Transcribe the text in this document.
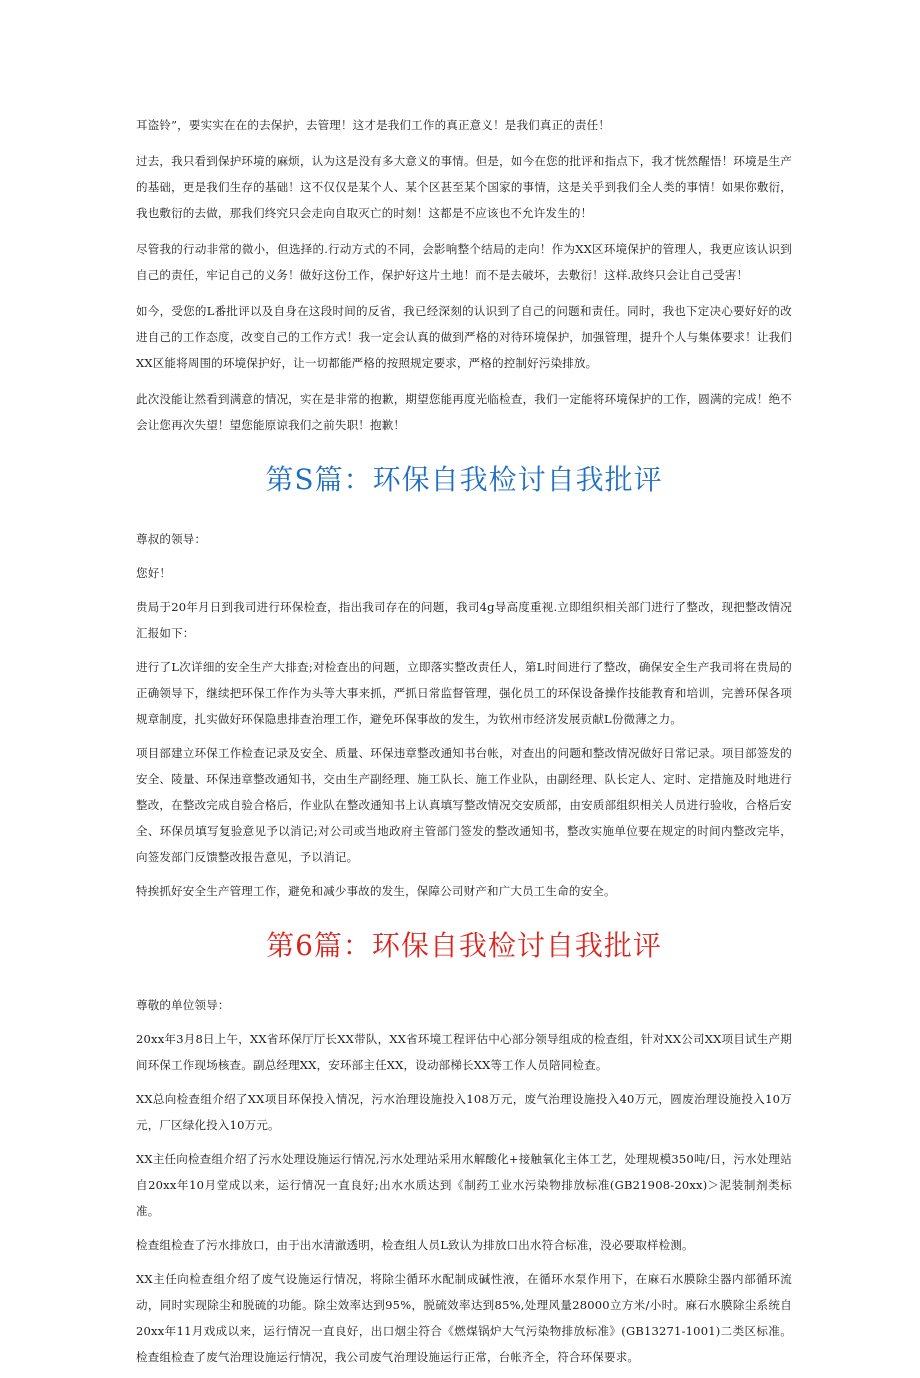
耳盗铃”，要实实在在的去保护，去管理！这才是我们工作的真正意义！是我们真正的责任！

过去，我只看到保护环境的麻烦，认为这是没有多大意义的事情。但是，如今在您的批评和指点下，我才恍然醒悟！环境是生产的基础，更是我们生存的基础！这不仅仅是某个人、某个区甚至某个国家的事情，这是关乎到我们全人类的事情！如果你敷衍，我也敷衍的去做，那我们终究只会走向自取灭亡的时刻！这都是不应该也不允许发生的！

尽管我的行动非常的微小，但选择的.行动方式的不同，会影响整个结局的走向！作为XX区环境保护的管理人，我更应该认识到自己的责任，牢记自己的义务！做好这份工作，保护好这片土地！而不是去破坏，去敷衍！这样.敌终只会让自己受害！

如今，受您的L番批评以及自身在这段时间的反省，我已经深刻的认识到了自己的问题和责任。同时，我也下定决心要好好的改进自己的工作态度，改变自己的工作方式！我一定会认真的做到严格的对待环境保护，加强管理，提升个人与集体要求！让我们XX区能将周围的环境保护好，让一切都能严格的按照规定要求，严格的控制好污染排放。

此次没能让然看到满意的情况，实在是非常的抱歉，期望您能再度光临检查，我们一定能将环境保护的工作，圆满的完成！绝不会让您再次失望！望您能原谅我们之前失职！抱歉！

第S篇：环保自我检讨自我批评

尊叔的领导：

您好！

贵局于20年月日到我司进行环保检查，指出我司存在的问题，我司4g导高度重视.立即组织相关部门进行了整改，现把整改情况汇报如下：

进行了L次详细的安全生产大排查;对检查出的问题，立即落实整改责任人，第L时间进行了整改，确保安全生产我司将在贵局的正确领导下，继续把环保工作作为头等大事来抓，严抓日常监督管理，强化员工的环保设备操作技能教育和培训，完善环保各项规章制度，扎实做好环保隐患排查治理工作，避免环保事故的发生，为钦州市经济发展贡献L份微薄之力。

项目部建立环保工作检查记录及安全、质量、环保违章整改通知书台帐，对查出的问题和整改情况做好日常记录。项目部签发的安全、陵量、环保违章整改通知书，交由生产副经理、施工队长、施工作业队，由副经理、队长定人、定时、定措施及时地进行整改，在整改完成自验合格后，作业队在整改通知书上认真填写整改情况交安质部，由安质部组织相关人员进行验收，合格后安全、环保员填写复验意见予以消记;对公司或当地政府主管部门签发的整改通知书，整改实施单位要在规定的时间内整改完毕，向签发部门反馈整改报告意见，予以消记。

特挨抓好安全生产管理工作，避免和减少事故的发生，保障公司财产和广大员工生命的安全。

第6篇：环保自我检讨自我批评

尊敬的单位领导：

20xx年3月8日上午，XX省环保厅厅长XX带队，XX省环境工程评估中心部分领导组成的检查组，针对XX公司XX项目试生产期间环保工作现场核查。副总经理XX，安环部主任XX，设动部梯长XX等工作人员陪同检查。

XX总向检查组介绍了XX项目环保投入情况，污水治理设施投入108万元，废气治理设施投入40万元，圆废治理设施投入10万元，厂区绿化投入10万元。

XX主任向检查组介绍了污水处理设施运行情况,污水处理站采用水解酸化+接触氧化主体工艺，处理规模350吨/日，污水处理站自20xx年10月堂成以来，运行情况一直良好;出水水质达到《制药工业水污染物排放标准(GB21908-20xx)＞泥装制剂类标准。

检查组检查了污水排放口，由于出水清澈透明，检查组人员L致认为排放口出水符合标准，没必要取样检测。

XX主任向检查组介绍了废气设施运行情况，将除尘循环水配制成碱性液，在循环水泵作用下，在麻石水膜除尘器内部循环流动，同时实现除尘和脱硫的功能。除尘效率达到95%，脱硫效率达到85%,处理风量28000立方米/小时。麻石水膜除尘系统自20xx年11月戏成以来，运行情况一直良好，出口烟尘符合《燃煤锅炉大气污染物排放标准》(GB13271-1001)二类区标准。检查组检查了废气治理设施运行情况，我公司废气治理设施运行正常，台帐齐全，符合环保要求。
